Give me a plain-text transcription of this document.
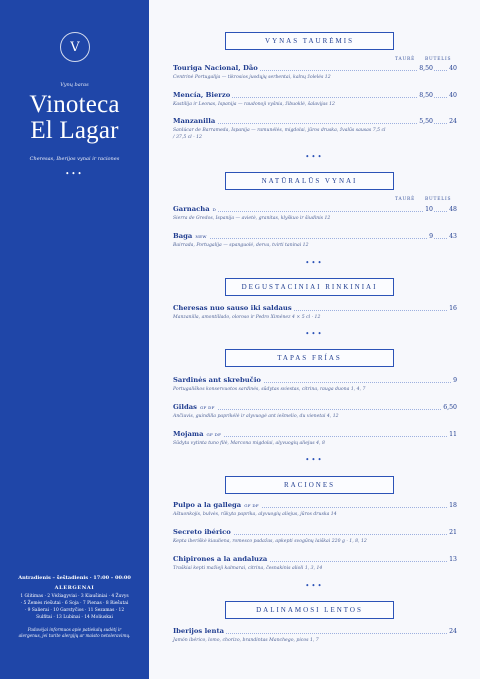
V
Vynų baras
Vinoteca
El Lagar
Cheresas, Iberijos vynai ir raciones
•••
Antradienis – šeštadienis · 17:00 – 00:00
ALERGENAI
1 Glitimas · 2 Vėžiagyviai · 3 Kiaušiniai · 4 Žuvys · 5 Žemės riešutai · 6 Soja · 7 Pienas · 8 Riešutai · 9 Salierai · 10 Garstyčios · 11 Sezamas · 12 Sulfitai · 13 Lubinai · 14 Moliuskai
Padavėjai informuos apie patiekalų sudėtį ir alergenus, jei turite alergijų ar maisto netoleravimų.
VYNAS TAURĖMIS
TAURĖ BUTELIS
Touriga Nacional, Dão	8,50	40
Centrinė Portugalija — tikrosios juodųjų serbentai, kalnų žolelės 12
Mencía, Bierzo	8,50	40
Kastilija ir Leonas, Ispanija — raudonoji vyšnia, žibuoklė, šalavijas 12
Manzanilla	5,50	24
Sanlúcar de Barrameda, Ispanija — ramunėlės, migdolai, jūros druska, žvalūs sausas 7,5 cl / 37,5 cl · 12
•••
NATŪRALŪS VYNAI
TAURĖ BUTELIS
Garnacha D	10	48
Sierra de Gredos, Ispanija — avietė, granitas, klyškuo ir šiudinis 12
Baga NEW	9	43
Bairrada, Portugalija — spanguolė, derva, tvirti taninai 12
•••
DEGUSTACINIAI RINKINIAI
Cheresas nuo sauso iki saldaus	16
Manzanilla, amontillado, oloroso ir Pedro Ximénez 4 × 5 cl · 12
•••
TAPAS FRÍAS
Sardinės ant skrebučio	9
Portugališkos konservuotos sardinės, sūdytas sviestas, citrina, rauga duona 1, 4, 7
Gildas GF DF	6,50
Ančiuvis, guindilla paprikėlė ir alyvuogė ant iešmelio, du vienetai 4, 12
Mojama GF DF	11
Sūdyta vytinta tuno filė, Marcona migdolai, alyvuogių aliejus 4, 8
•••
RACIONES
Pulpo a la gallega GF DF	18
Aštuonkojis, bulvės, rūkyta paprika, alyvuogių aliejus, jūros druska 14
Secreto ibérico	21
Kepta iberiškė kiauliena, romesco padažas, apkepti svogūnų laiškai 220 g · 1, 8, 12
Chipirones a la andaluza	13
Traškiai kepti mažieji kalmarai, citrina, česnakinis alioli 1, 3, 14
•••
DALINAMOSI LENTOS
Iberijos lenta	24
Jamón ibérico, lomo, chorizo, brandintas Manchego, picos 1, 7
